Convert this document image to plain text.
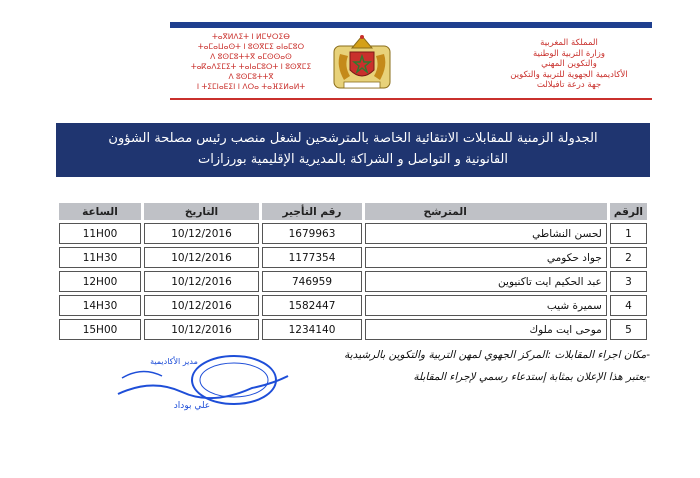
ⵜⴰⴳⵍⴷⵉⵜ ⵏ ⵍⵎⵖⵔⵉⴱ
ⵜⴰⵎⴰⵡⴰⵙⵜ ⵏ ⵓⵙⴳⵎⵉ ⴰⵏⴰⵎⵓⵔ
ⴷ ⵓⵙⵎⵓⵜⵜⴳ ⴰⵎⵙⵙⴰⵙ
ⵜⴰⴽⴰⴷⵉⵎⵉⵜ ⵜⴰⵏⴰⵎⵓⵔⵜ ⵏ ⵓⵙⴳⵎⵉ
ⴷ ⵓⵙⵎⵓⵜⵜⴳ
ⵏ ⵜⵉⵎⵏⴰⴹⵉⵏ ⵏ ⴷⵔⴰ ⵜⴰⴼⵉⵍⴰⵍⵜ
المملكة المغربية
وزارة التربية الوطنية
والتكوين المهني
الأكاديمية الجهوية للتربية والتكوين
جهة درعة تافيلالت
الجدولة الزمنية للمقابلات الانتقائية الخاصة بالمترشحين لشغل منصب رئيس مصلحة الشؤون
القانونية و التواصل و الشراكة بالمديرية الإقليمية بورزازات
الرقم	المترشح	رقم التأجير	التاريخ	الساعة
1	لحسن النشاطي	1679963	10/12/2016	11H00
2	جواد حكومي	1177354	10/12/2016	11H30
3	عبد الحكيم ايت تاكنيوين	746959	10/12/2016	12H00
4	سميرة شيب	1582447	10/12/2016	14H30
5	موحى ايت ملوك	1234140	10/12/2016	15H00
-مكان اجراء المقابلات :المركز الجهوي لمهن التربية والتكوين بالرشيدية
-يعتبر هذا الإعلان بمثابة إستدعاء رسمي لإجراء المقابلة
مدير الأكاديمية
علي بوداد
